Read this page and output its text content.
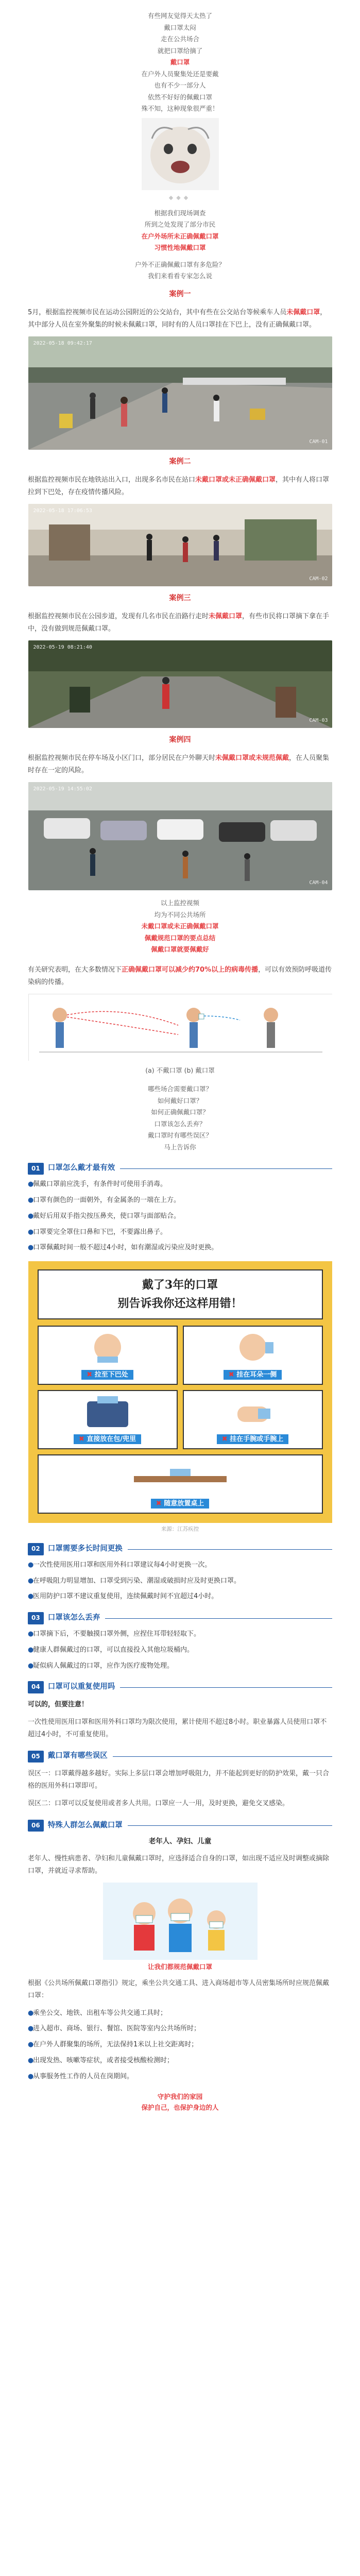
有些网友觉得天太热了
戴口罩太闷
走在公共场合
就把口罩给摘了
戴口罩
在户外人员聚集处还是要戴
也有不少一部分人
依然不好好的佩戴口罩
殊不知，这种现象很严重！
◆◆◆
根据我们现场调查
所到之处发现了部分市民
在户外场所未正确佩戴口罩
习惯性地佩戴口罩
户外不正确佩戴口罩有多危险？
我们来看看专家怎么说
案例一
5月，根据监控视频市民在运动公园附近的公交站台，其中有些在公交站台等候乘车人员未佩戴口罩，其中部分人员在室外聚集的时候未佩戴口罩，同时有的人员口罩挂在下巴上，没有正确佩戴口罩。
2022-05-18 09:42:17
CAM-01
案例二
根据监控视频市民在地铁站出入口，出现多名市民在站口未戴口罩或未正确佩戴口罩，其中有人将口罩拉到下巴处，存在疫情传播风险。
2022-05-18 17:06:53
CAM-02
案例三
根据监控视频市民在公园步道，发现有几名市民在沿路行走时未佩戴口罩，有些市民将口罩摘下拿在手中，没有做到规范佩戴口罩。
2022-05-19 08:21:40
CAM-03
案例四
根据监控视频市民在停车场及小区门口，部分居民在户外聊天时未佩戴口罩或未规范佩戴，在人员聚集时存在一定的风险。
2022-05-19 14:55:02
CAM-04
以上监控视频
均为不同公共场所
未戴口罩或未正确佩戴口罩
佩戴规范口罩的要点总结
佩戴口罩就要佩戴好
有关研究表明，在大多数情况下正确佩戴口罩可以减少约70%以上的病毒传播，可以有效预防呼吸道传染病的传播。
(a) 不戴口罩 (b) 戴口罩
哪些场合需要戴口罩？
如何戴好口罩？
如何正确佩戴口罩？
口罩该怎么丢弃？
戴口罩时有哪些误区？
马上告诉你
01	口罩怎么戴才最有效
●
佩戴口罩前应洗手，有条件时可使用手消毒。
●
口罩有颜色的一面朝外，有金属条的一端在上方。
●
戴好后用双手指尖按压鼻夹，使口罩与面部贴合。
●
口罩要完全罩住口鼻和下巴，不要露出鼻子。
●
口罩佩戴时间一般不超过4小时，如有潮湿或污染应及时更换。
戴了3年的口罩
别告诉我你还这样用错！
✖ 拉至下巴处	✖ 挂在耳朵一侧
✖ 直接放在包/兜里	✖ 挂在手腕或手腕上
✖ 随意放置桌上
来源：江苏疾控
02	口罩需要多长时间更换
●
一次性使用医用口罩和医用外科口罩建议每4小时更换一次。
●
在呼吸阻力明显增加、口罩受到污染、潮湿或破损时应及时更换口罩。
●
医用防护口罩不建议重复使用，连续佩戴时间不宜超过4小时。
03	口罩该怎么丢弃
●
口罩摘下后，不要触摸口罩外侧，应捏住耳带轻轻取下。
●
健康人群佩戴过的口罩，可以直接投入其他垃圾桶内。
●
疑似病人佩戴过的口罩，应作为医疗废物处理。
04	口罩可以重复使用吗
可以的，但要注意！
一次性使用医用口罩和医用外科口罩均为限次使用，累计使用不超过8小时。职业暴露人员使用口罩不超过4小时，不可重复使用。
05	戴口罩有哪些误区
误区一：口罩戴得越多越好。实际上多层口罩会增加呼吸阻力，并不能起到更好的防护效果，戴一只合格的医用外科口罩即可。
误区二：口罩可以反复使用或者多人共用。口罩应一人一用，及时更换，避免交叉感染。
06	特殊人群怎么佩戴口罩
老年人、孕妇、儿童
老年人、慢性病患者、孕妇和儿童佩戴口罩时，应选择适合自身的口罩，如出现不适应及时调整或摘除口罩，并就近寻求帮助。
让我们都规范佩戴口罩
根据《公共场所佩戴口罩指引》规定，乘坐公共交通工具、进入商场超市等人员密集场所时应规范佩戴口罩：
●
乘坐公交、地铁、出租车等公共交通工具时；
●
进入超市、商场、银行、餐馆、医院等室内公共场所时；
●
在户外人群聚集的场所，无法保持1米以上社交距离时；
●
出现发热、咳嗽等症状，或者接受核酸检测时；
●
从事服务性工作的人员在岗期间。
守护我们的家园
保护自己，也保护身边的人
